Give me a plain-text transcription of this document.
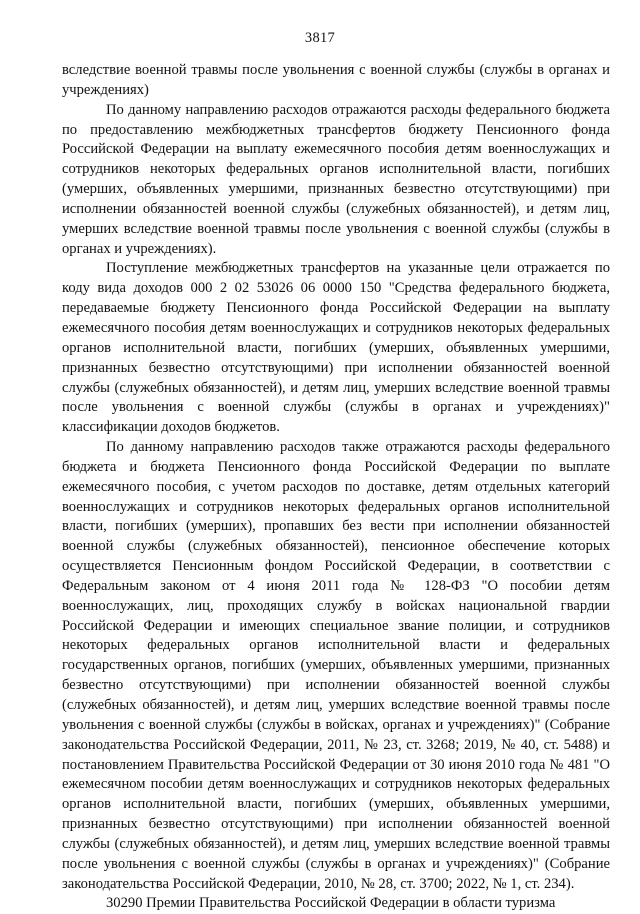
3817

вследствие военной травмы после увольнения с военной службы (службы в органах и учреждениях)

По данному направлению расходов отражаются расходы федерального бюджета по предоставлению межбюджетных трансфертов бюджету Пенсионного фонда Российской Федерации на выплату ежемесячного пособия детям военнослужащих и сотрудников некоторых федеральных органов исполнительной власти, погибших (умерших, объявленных умершими, признанных безвестно отсутствующими) при исполнении обязанностей военной службы (служебных обязанностей), и детям лиц, умерших вследствие военной травмы после увольнения с военной службы (службы в органах и учреждениях).

Поступление межбюджетных трансфертов на указанные цели отражается по коду вида доходов 000 2 02 53026 06 0000 150 "Средства федерального бюджета, передаваемые бюджету Пенсионного фонда Российской Федерации на выплату ежемесячного пособия детям военнослужащих и сотрудников некоторых федеральных органов исполнительной власти, погибших (умерших, объявленных умершими, признанных безвестно отсутствующими) при исполнении обязанностей военной службы (служебных обязанностей), и детям лиц, умерших вследствие военной травмы после увольнения с военной службы (службы в органах и учреждениях)" классификации доходов бюджетов.

По данному направлению расходов также отражаются расходы федерального бюджета и бюджета Пенсионного фонда Российской Федерации по выплате ежемесячного пособия, с учетом расходов по доставке, детям отдельных категорий военнослужащих и сотрудников некоторых федеральных органов исполнительной власти, погибших (умерших), пропавших без вести при исполнении обязанностей военной службы (служебных обязанностей), пенсионное обеспечение которых осуществляется Пенсионным фондом Российской Федерации, в соответствии с Федеральным законом от 4 июня 2011 года № 128-ФЗ "О пособии детям военнослужащих, лиц, проходящих службу в войсках национальной гвардии Российской Федерации и имеющих специальное звание полиции, и сотрудников некоторых федеральных органов исполнительной власти и федеральных государственных органов, погибших (умерших, объявленных умершими, признанных безвестно отсутствующими) при исполнении обязанностей военной службы (служебных обязанностей), и детям лиц, умерших вследствие военной травмы после увольнения с военной службы (службы в войсках, органах и учреждениях)" (Собрание законодательства Российской Федерации, 2011, № 23, ст. 3268; 2019, № 40, ст. 5488) и постановлением Правительства Российской Федерации от 30 июня 2010 года № 481 "О ежемесячном пособии детям военнослужащих и сотрудников некоторых федеральных органов исполнительной власти, погибших (умерших, объявленных умершими, признанных безвестно отсутствующими) при исполнении обязанностей военной службы (служебных обязанностей), и детям лиц, умерших вследствие военной травмы после увольнения с военной службы (службы в органах и учреждениях)" (Собрание законодательства Российской Федерации, 2010, № 28, ст. 3700; 2022, № 1, ст. 234).

30290 Премии Правительства Российской Федерации в области туризма
